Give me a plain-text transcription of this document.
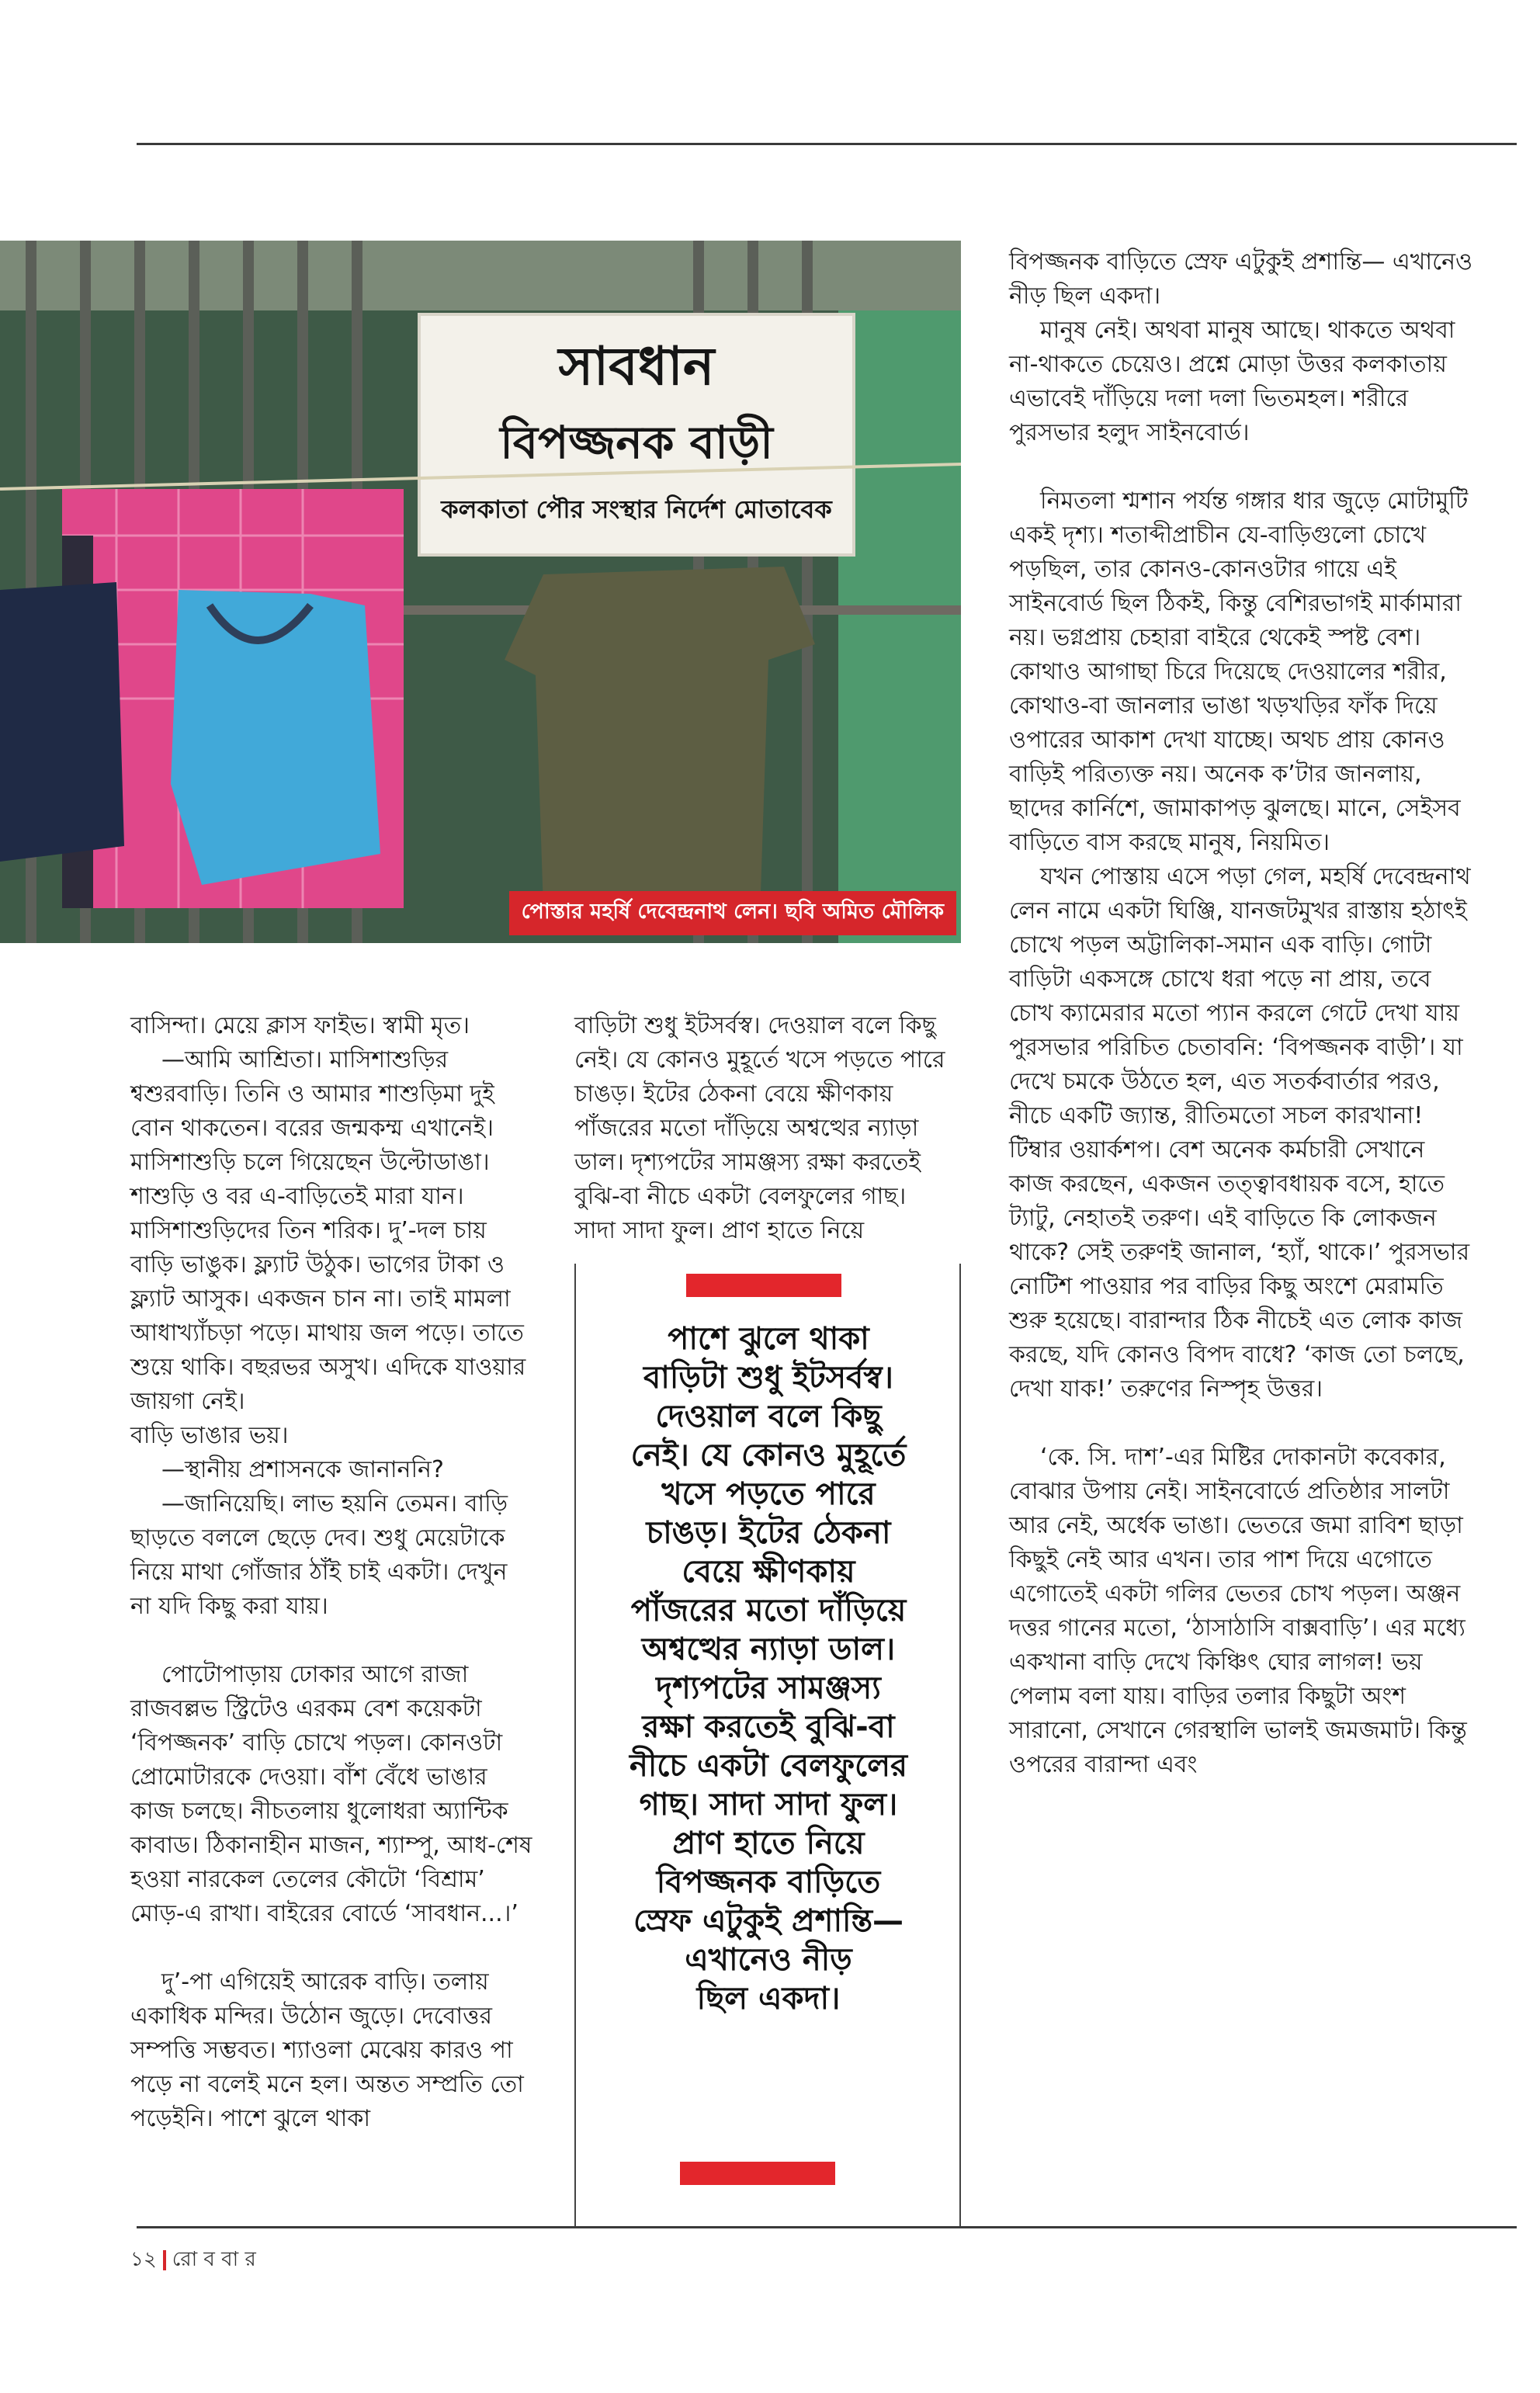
সাবধান
বিপজ্জনক বাড়ী
কলকাতা পৌর সংস্থার নির্দেশ মোতাবেক
পোস্তার মহর্ষি দেবেন্দ্রনাথ লেন। ছবি অমিত মৌলিক

বাসিন্দা। মেয়ে ক্লাস ফাইভ। স্বামী মৃত।

—আমি আশ্রিতা। মাসিশাশুড়ির শ্বশুরবাড়ি। তিনি ও আমার শাশুড়িমা দুই বোন থাকতেন। বরের জন্মকম্ম এখানেই। মাসিশাশুড়ি চলে গিয়েছেন উল্টোডাঙা। শাশুড়ি ও বর এ-বাড়িতেই মারা যান। মাসিশাশুড়িদের তিন শরিক। দু’-দল চায় বাড়ি ভাঙুক। ফ্ল্যাট উঠুক। ভাগের টাকা ও ফ্ল্যাট আসুক। একজন চান না। তাই মামলা আধাখ্যাঁচড়া পড়ে। মাথায় জল পড়ে। তাতে শুয়ে থাকি। বছরভর অসুখ। এদিকে যাওয়ার জায়গা নেই।

বাড়ি ভাঙার ভয়।

—স্থানীয় প্রশাসনকে জানাননি?

—জানিয়েছি। লাভ হয়নি তেমন। বাড়ি ছাড়তে বললে ছেড়ে দেব। শুধু মেয়েটাকে নিয়ে মাথা গোঁজার ঠাঁই চাই একটা। দেখুন না যদি কিছু করা যায়।

পোটোপাড়ায় ঢোকার আগে রাজা রাজবল্লভ স্ট্রিটেও এরকম বেশ কয়েকটা ‘বিপজ্জনক’ বাড়ি চোখে পড়ল। কোনওটা প্রোমোটারকে দেওয়া। বাঁশ বেঁধে ভাঙার কাজ চলছে। নীচতলায় ধুলোধরা অ্যান্টিক কাবাড। ঠিকানাহীন মাজন, শ্যাম্পু, আধ-শেষ হওয়া নারকেল তেলের কৌটো ‘বিশ্রাম’ মোড়-এ রাখা। বাইরের বোর্ডে ‘সাবধান...।’

দু’-পা এগিয়েই আরেক বাড়ি। তলায় একাধিক মন্দির। উঠোন জুড়ে। দেবোত্তর সম্পত্তি সম্ভবত। শ্যাওলা মেঝেয় কারও পা পড়ে না বলেই মনে হল। অন্তত সম্প্রতি তো পড়েইনি। পাশে ঝুলে থাকা

বাড়িটা শুধু ইটসর্বস্ব। দেওয়াল বলে কিছু নেই। যে কোনও মুহূর্তে খসে পড়তে পারে চাঙড়। ইটের ঠেকনা বেয়ে ক্ষীণকায় পাঁজরের মতো দাঁড়িয়ে অশ্বত্থের ন্যাড়া ডাল। দৃশ্যপটের সামঞ্জস্য রক্ষা করতেই বুঝি-বা নীচে একটা বেলফুলের গাছ। সাদা সাদা ফুল। প্রাণ হাতে নিয়ে

পাশে ঝুলে থাকা
বাড়িটা শুধু ইটসর্বস্ব।
দেওয়াল বলে কিছু
নেই। যে কোনও মুহূর্তে
খসে পড়তে পারে
চাঙড়। ইটের ঠেকনা
বেয়ে ক্ষীণকায়
পাঁজরের মতো দাঁড়িয়ে
অশ্বত্থের ন্যাড়া ডাল।
দৃশ্যপটের সামঞ্জস্য
রক্ষা করতেই বুঝি-বা
নীচে একটা বেলফুলের
গাছ। সাদা সাদা ফুল।
প্রাণ হাতে নিয়ে
বিপজ্জনক বাড়িতে
স্রেফ এটুকুই প্রশান্তি—
এখানেও নীড়
ছিল একদা।

বিপজ্জনক বাড়িতে স্রেফ এটুকুই প্রশান্তি— এখানেও নীড় ছিল একদা।

মানুষ নেই। অথবা মানুষ আছে। থাকতে অথবা না-থাকতে চেয়েও। প্রশ্নে মোড়া উত্তর কলকাতায় এভাবেই দাঁড়িয়ে দলা দলা ভিতমহল। শরীরে পুরসভার হলুদ সাইনবোর্ড।

নিমতলা শ্মশান পর্যন্ত গঙ্গার ধার জুড়ে মোটামুটি একই দৃশ্য। শতাব্দীপ্রাচীন যে-বাড়িগুলো চোখে পড়ছিল, তার কোনও-কোনওটার গায়ে এই সাইনবোর্ড ছিল ঠিকই, কিন্তু বেশিরভাগই মার্কামারা নয়। ভগ্নপ্রায় চেহারা বাইরে থেকেই স্পষ্ট বেশ। কোথাও আগাছা চিরে দিয়েছে দেওয়ালের শরীর, কোথাও-বা জানলার ভাঙা খড়খড়ির ফাঁক দিয়ে ওপারের আকাশ দেখা যাচ্ছে। অথচ প্রায় কোনও বাড়িই পরিত্যক্ত নয়। অনেক ক’টার জানলায়, ছাদের কার্নিশে, জামাকাপড় ঝুলছে। মানে, সেইসব বাড়িতে বাস করছে মানুষ, নিয়মিত।

যখন পোস্তায় এসে পড়া গেল, মহর্ষি দেবেন্দ্রনাথ লেন নামে একটা ঘিঞ্জি, যানজটমুখর রাস্তায় হঠাৎই চোখে পড়ল অট্টালিকা-সমান এক বাড়ি। গোটা বাড়িটা একসঙ্গে চোখে ধরা পড়ে না প্রায়, তবে চোখ ক্যামেরার মতো প্যান করলে গেটে দেখা যায় পুরসভার পরিচিত চেতাবনি: ‘বিপজ্জনক বাড়ী’। যা দেখে চমকে উঠতে হল, এত সতর্কবার্তার পরও, নীচে একটি জ্যান্ত, রীতিমতো সচল কারখানা! টিম্বার ওয়ার্কশপ। বেশ অনেক কর্মচারী সেখানে কাজ করছেন, একজন তত্ত্বাবধায়ক বসে, হাতে ট্যাটু, নেহাতই তরুণ। এই বাড়িতে কি লোকজন থাকে? সেই তরুণই জানাল, ‘হ্যাঁ, থাকে।’ পুরসভার নোটিশ পাওয়ার পর বাড়ির কিছু অংশে মেরামতি শুরু হয়েছে। বারান্দার ঠিক নীচেই এত লোক কাজ করছে, যদি কোনও বিপদ বাধে? ‘কাজ তো চলছে, দেখা যাক!’ তরুণের নিস্পৃহ উত্তর।

‘কে. সি. দাশ’-এর মিষ্টির দোকানটা কবেকার, বোঝার উপায় নেই। সাইনবোর্ডে প্রতিষ্ঠার সালটা আর নেই, অর্ধেক ভাঙা। ভেতরে জমা রাবিশ ছাড়া কিছুই নেই আর এখন। তার পাশ দিয়ে এগোতে এগোতেই একটা গলির ভেতর চোখ পড়ল। অঞ্জন দত্তর গানের মতো, ‘ঠাসাঠাসি বাক্সবাড়ি’। এর মধ্যে একখানা বাড়ি দেখে কিঞ্চিৎ ঘোর লাগল! ভয় পেলাম বলা যায়। বাড়ির তলার কিছুটা অংশ সারানো, সেখানে গেরস্থালি ভালই জমজমাট। কিন্তু ওপরের বারান্দা এবং

১২ রো ব বা র
